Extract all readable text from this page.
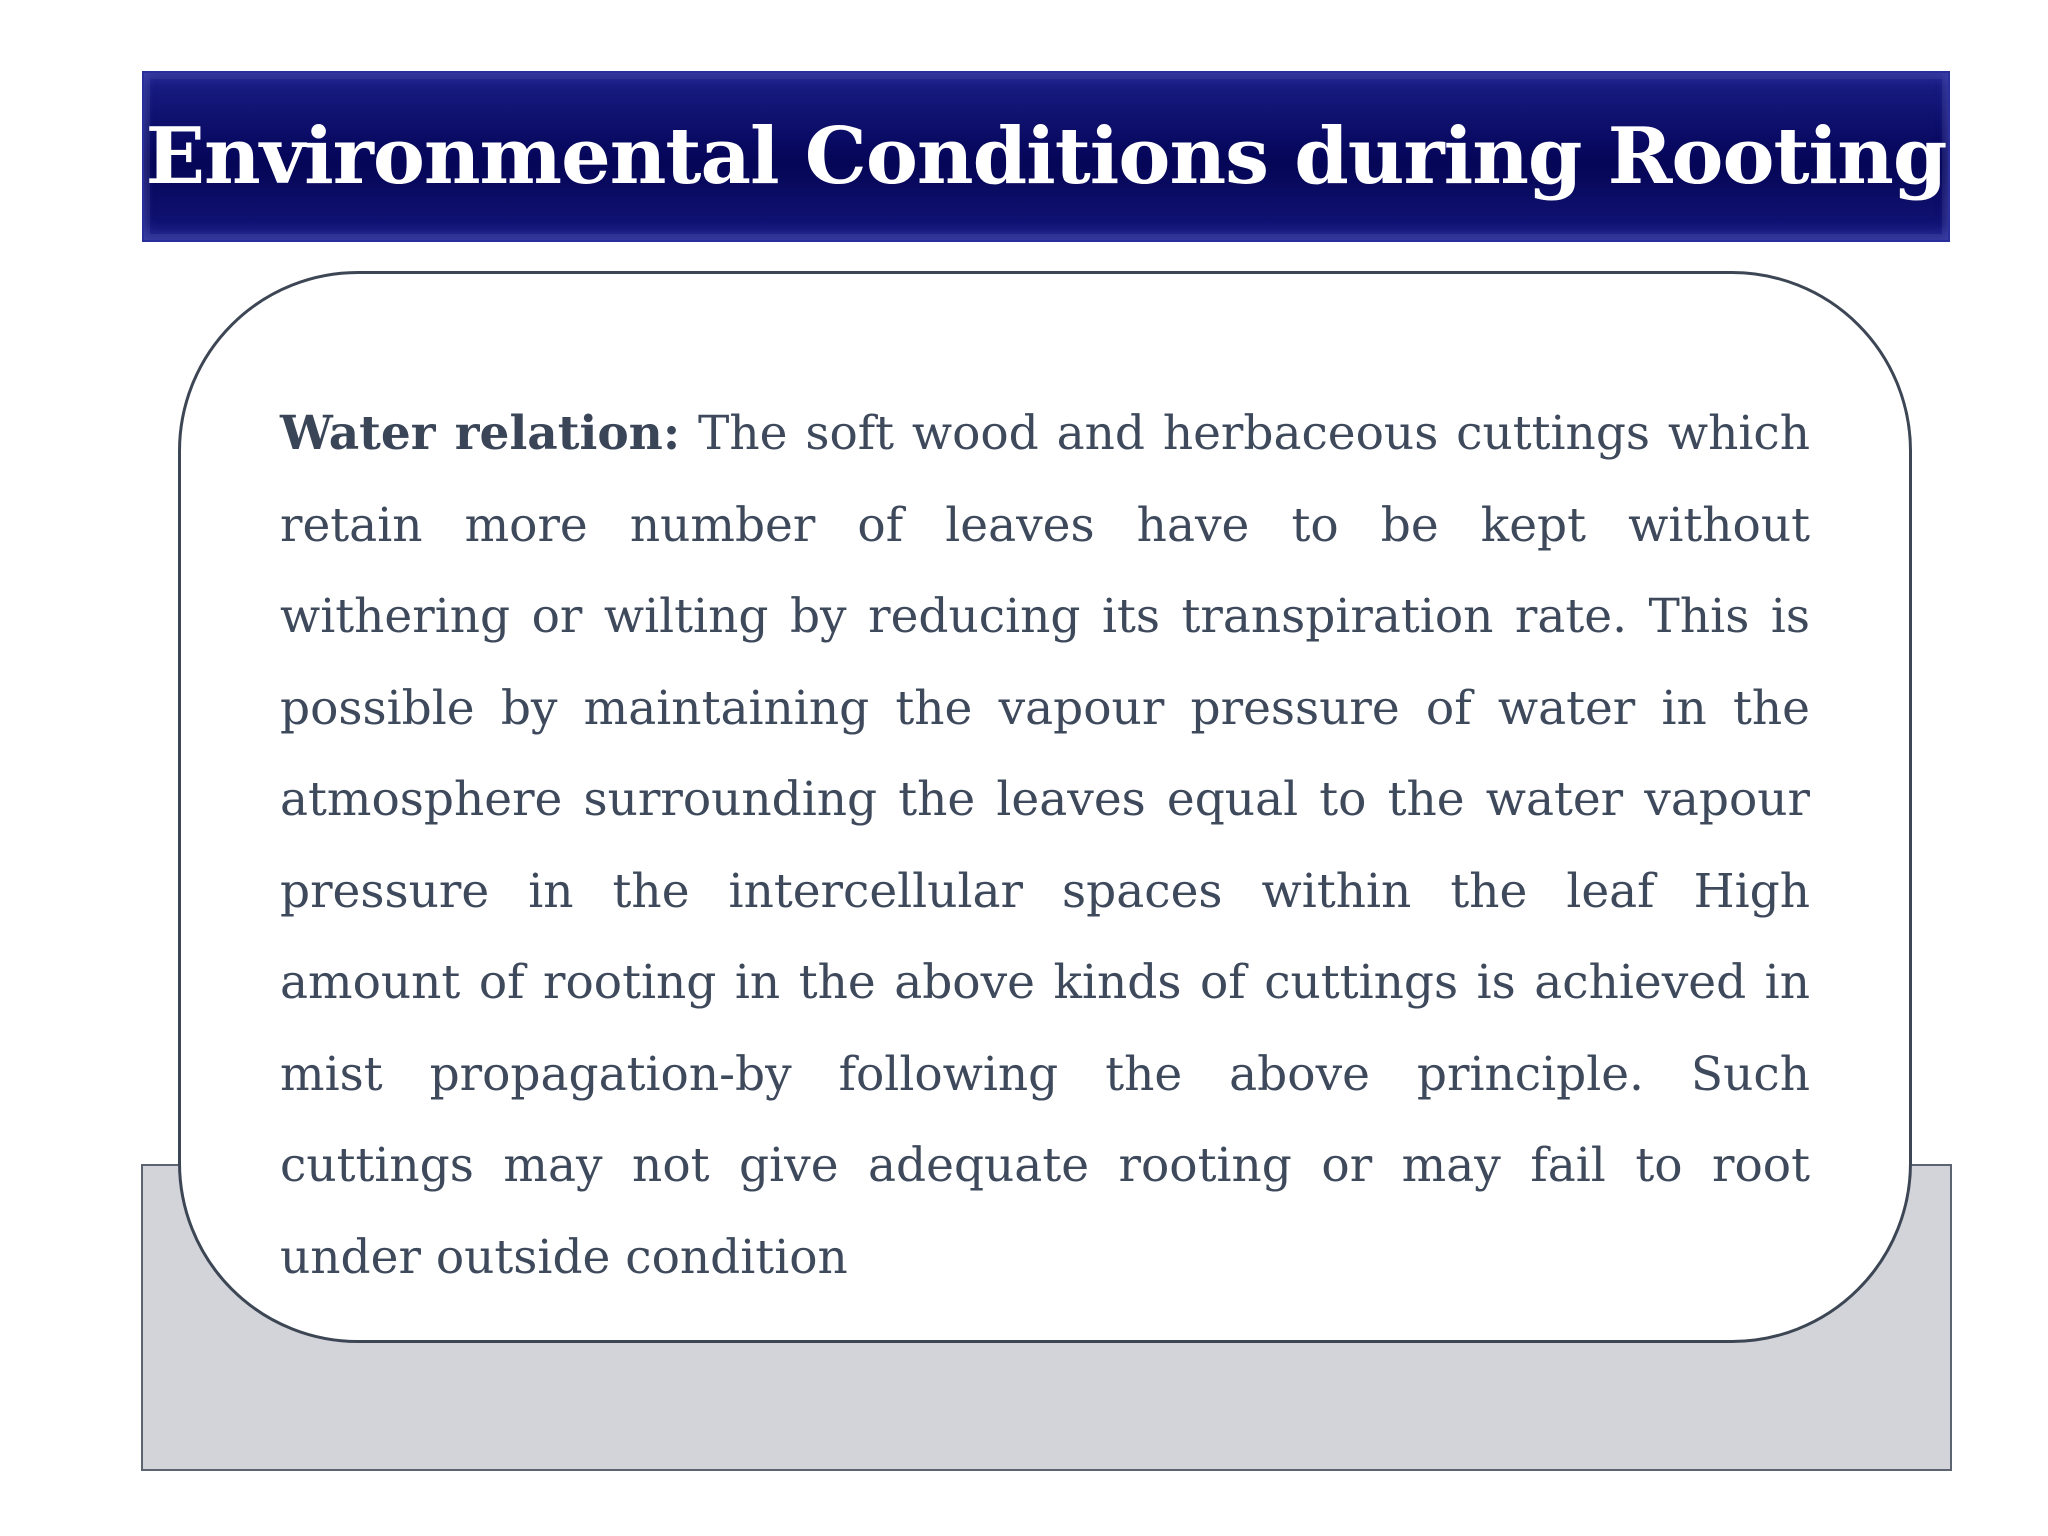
Environmental Conditions during Rooting

Water relation: The soft wood and herbaceous cuttings which retain more number of leaves have to be kept without withering or wilting by reducing its transpiration rate. This is possible by maintaining the vapour pressure of water in the atmosphere surrounding the leaves equal to the water vapour pressure in the intercellular spaces within the leaf High amount of rooting in the above kinds of cuttings is achieved in mist propagation-by following the above principle. Such cuttings may not give adequate rooting or may fail to root under outside condition
